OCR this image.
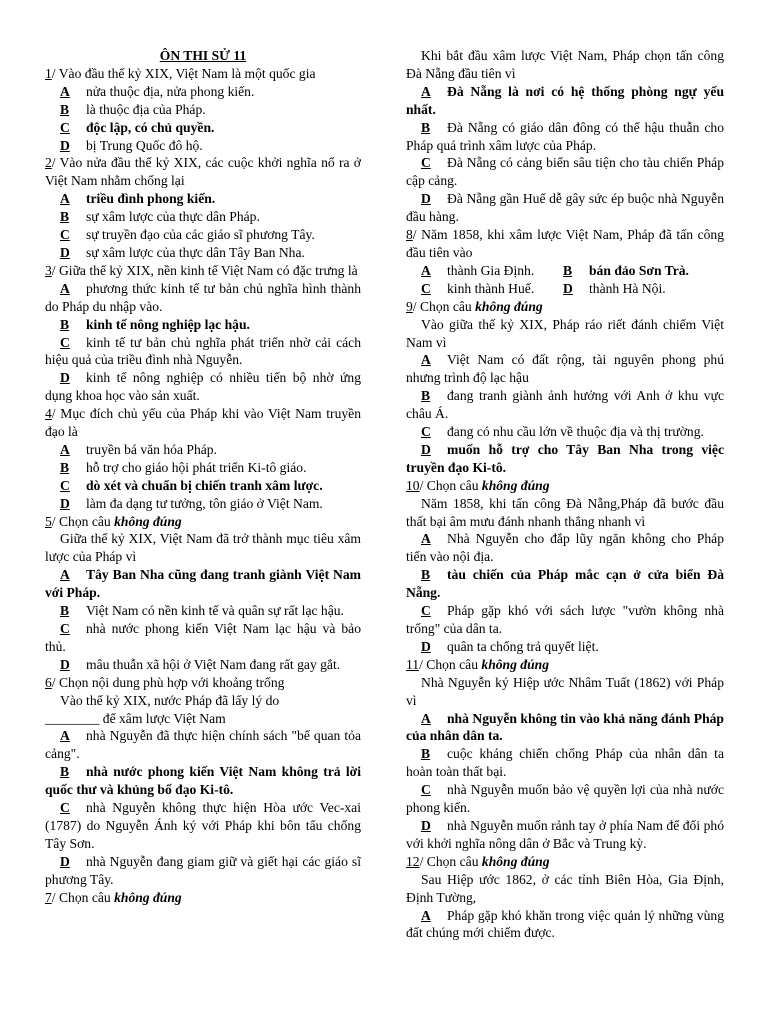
ÔN THI SỬ 11

1/ Vào đầu thế kỷ XIX, Việt Nam là một quốc gia

A nửa thuộc địa, nửa phong kiến.

B là thuộc địa của Pháp.

C độc lập, có chủ quyền.

D bị Trung Quốc đô hộ.

2/ Vào nửa đầu thế kỷ XIX, các cuộc khởi nghĩa nổ ra ở Việt Nam nhằm chống lại

A triều đình phong kiến.

B sự xâm lược của thực dân Pháp.

C sự truyền đạo của các giáo sĩ phương Tây.

D sự xâm lược của thực dân Tây Ban Nha.

3/ Giữa thế kỷ XIX, nền kinh tế Việt Nam có đặc trưng là

A phương thức kinh tế tư bản chủ nghĩa hình thành do Pháp du nhập vào.

B kinh tế nông nghiệp lạc hậu.

C kinh tế tư bản chủ nghĩa phát triển nhờ cải cách hiệu quả của triều đình nhà Nguyễn.

D kinh tế nông nghiệp có nhiều tiến bộ nhờ ứng dụng khoa học vào sản xuất.

4/ Mục đích chủ yếu của Pháp khi vào Việt Nam truyền đạo là

A truyền bá văn hóa Pháp.

B hỗ trợ cho giáo hội phát triển Ki-tô giáo.

C dò xét và chuẩn bị chiến tranh xâm lược.

D làm đa dạng tư tưởng, tôn giáo ở Việt Nam.

5/ Chọn câu không đúng

Giữa thế kỷ XIX, Việt Nam đã trở thành mục tiêu xâm lược của Pháp vì

A Tây Ban Nha cũng đang tranh giành Việt Nam với Pháp.

B Việt Nam có nền kinh tế và quân sự rất lạc hậu.

C nhà nước phong kiến Việt Nam lạc hậu và bảo thủ.

D mâu thuẫn xã hội ở Việt Nam đang rất gay gắt.

6/ Chọn nội dung phù hợp với khoảng trống

Vào thế kỷ XIX, nước Pháp đã lấy lý do

________ để xâm lược Việt Nam

A nhà Nguyễn đã thực hiện chính sách "bế quan tỏa cảng".

B nhà nước phong kiến Việt Nam không trả lời quốc thư và khủng bố đạo Ki-tô.

C nhà Nguyễn không thực hiện Hòa ước Vec-xai (1787) do Nguyễn Ánh ký với Pháp khi bôn tẩu chống Tây Sơn.

D nhà Nguyễn đang giam giữ và giết hại các giáo sĩ phương Tây.

7/ Chọn câu không đúng

Khi bắt đầu xâm lược Việt Nam, Pháp chọn tấn công Đà Nẵng đầu tiên vì

A Đà Nẵng là nơi có hệ thống phòng ngự yếu nhất.

B Đà Nẵng có giáo dân đông có thể hậu thuẫn cho Pháp quá trình xâm lược của Pháp.

C Đà Nẵng có cảng biển sâu tiện cho tàu chiến Pháp cập cảng.

D Đà Nẵng gần Huế dễ gây sức ép buộc nhà Nguyễn đầu hàng.

8/ Năm 1858, khi xâm lược Việt Nam, Pháp đã tấn công đầu tiên vào

A thành Gia Định. B bán đảo Sơn Trà.

C kinh thành Huế. D thành Hà Nội.

9/ Chọn câu không đúng

Vào giữa thế kỷ XIX, Pháp ráo riết đánh chiếm Việt Nam vì

A Việt Nam có đất rộng, tài nguyên phong phú nhưng trình độ lạc hậu

B đang tranh giành ảnh hưởng với Anh ở khu vực châu Á.

C đang có nhu cầu lớn về thuộc địa và thị trường.

D muốn hỗ trợ cho Tây Ban Nha trong việc truyền đạo Ki-tô.

10/ Chọn câu không đúng

Năm 1858, khi tấn công Đà Nẵng,Pháp đã bước đầu thất bại âm mưu đánh nhanh thắng nhanh vì

A Nhà Nguyễn cho đắp lũy ngăn không cho Pháp tiến vào nội địa.

B tàu chiến của Pháp mắc cạn ở cửa biển Đà Nẵng.

C Pháp gặp khó với sách lược "vườn không nhà trống" của dân ta.

D quân ta chống trả quyết liệt.

11/ Chọn câu không đúng

Nhà Nguyễn ký Hiệp ước Nhâm Tuất (1862) với Pháp vì

A nhà Nguyễn không tin vào khả năng đánh Pháp của nhân dân ta.

B cuộc kháng chiến chống Pháp của nhân dân ta hoàn toàn thất bại.

C nhà Nguyễn muốn bảo vệ quyền lợi của nhà nước phong kiến.

D nhà Nguyễn muốn rảnh tay ở phía Nam để đối phó với khởi nghĩa nông dân ở Bắc và Trung kỳ.

12/ Chọn câu không đúng

Sau Hiệp ước 1862, ở các tỉnh Biên Hòa, Gia Định, Định Tường,

A Pháp gặp khó khăn trong việc quản lý những vùng đất chúng mới chiếm được.
